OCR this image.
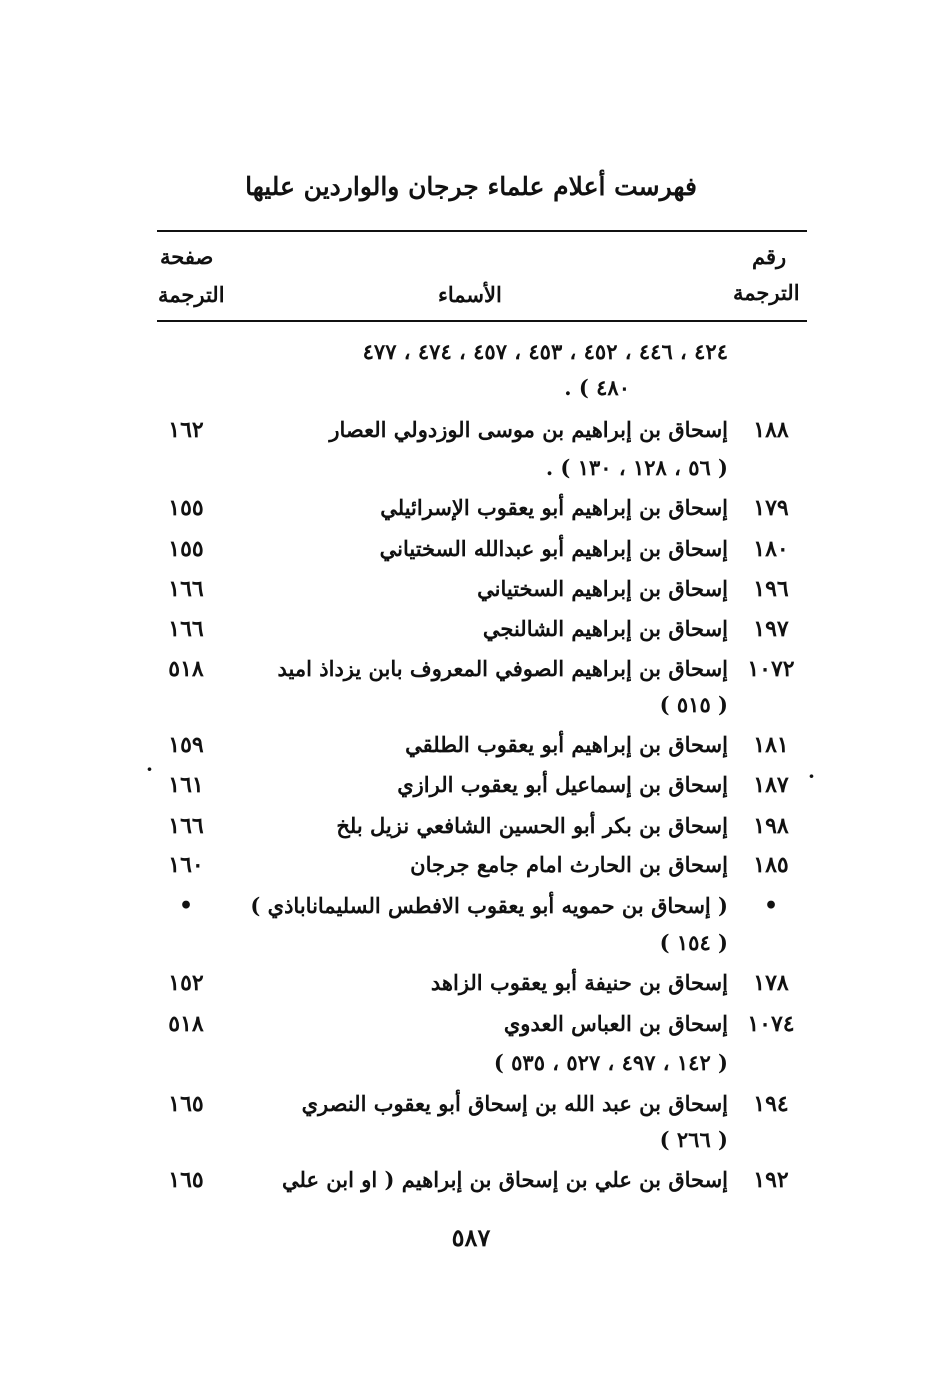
فهرست أعلام علماء جرجان والواردين عليها
رقم
الترجمة
الأسماء
صفحة
الترجمة
٤٢٤ ، ٤٤٦ ، ٤٥٢ ، ٤٥٣ ، ٤٥٧ ، ٤٧٤ ، ٤٧٧
٤٨٠ ) .
١٨٨
إسحاق بن إبراهيم بن موسى الوزدولي العصار
١٦٢
( ٥٦ ، ١٢٨ ، ١٣٠ ) .
١٧٩
إسحاق بن إبراهيم أبو يعقوب الإسرائيلي
١٥٥
١٨٠
إسحاق بن إبراهيم أبو عبدالله السختياني
١٥٥
١٩٦
إسحاق بن إبراهيم السختياني
١٦٦
١٩٧
إسحاق بن إبراهيم الشالنجي
١٦٦
١٠٧٢
إسحاق بن إبراهيم الصوفي المعروف بابن يزداذ اميد
٥١٨
( ٥١٥ )
١٨١
إسحاق بن إبراهيم أبو يعقوب الطلقي
١٥٩
١٨٧
إسحاق بن إسماعيل أبو يعقوب الرازي
١٦١	·
·
١٩٨
إسحاق بن بكر أبو الحسين الشافعي نزيل بلخ
١٦٦
١٨٥
إسحاق بن الحارث امام جامع جرجان
١٦٠
•
( إسحاق بن حمويه أبو يعقوب الافطس السليماناباذي )
•
( ١٥٤ )
١٧٨
إسحاق بن حنيفة أبو يعقوب الزاهد
١٥٢
١٠٧٤
إسحاق بن العباس العدوي
٥١٨
( ١٤٢ ، ٤٩٧ ، ٥٢٧ ، ٥٣٥ )
١٩٤
إسحاق بن عبد الله بن إسحاق أبو يعقوب النصري
١٦٥
( ٢٦٦ )
١٩٢
إسحاق بن علي بن إسحاق بن إبراهيم ( او ابن علي
١٦٥
٥٨٧
